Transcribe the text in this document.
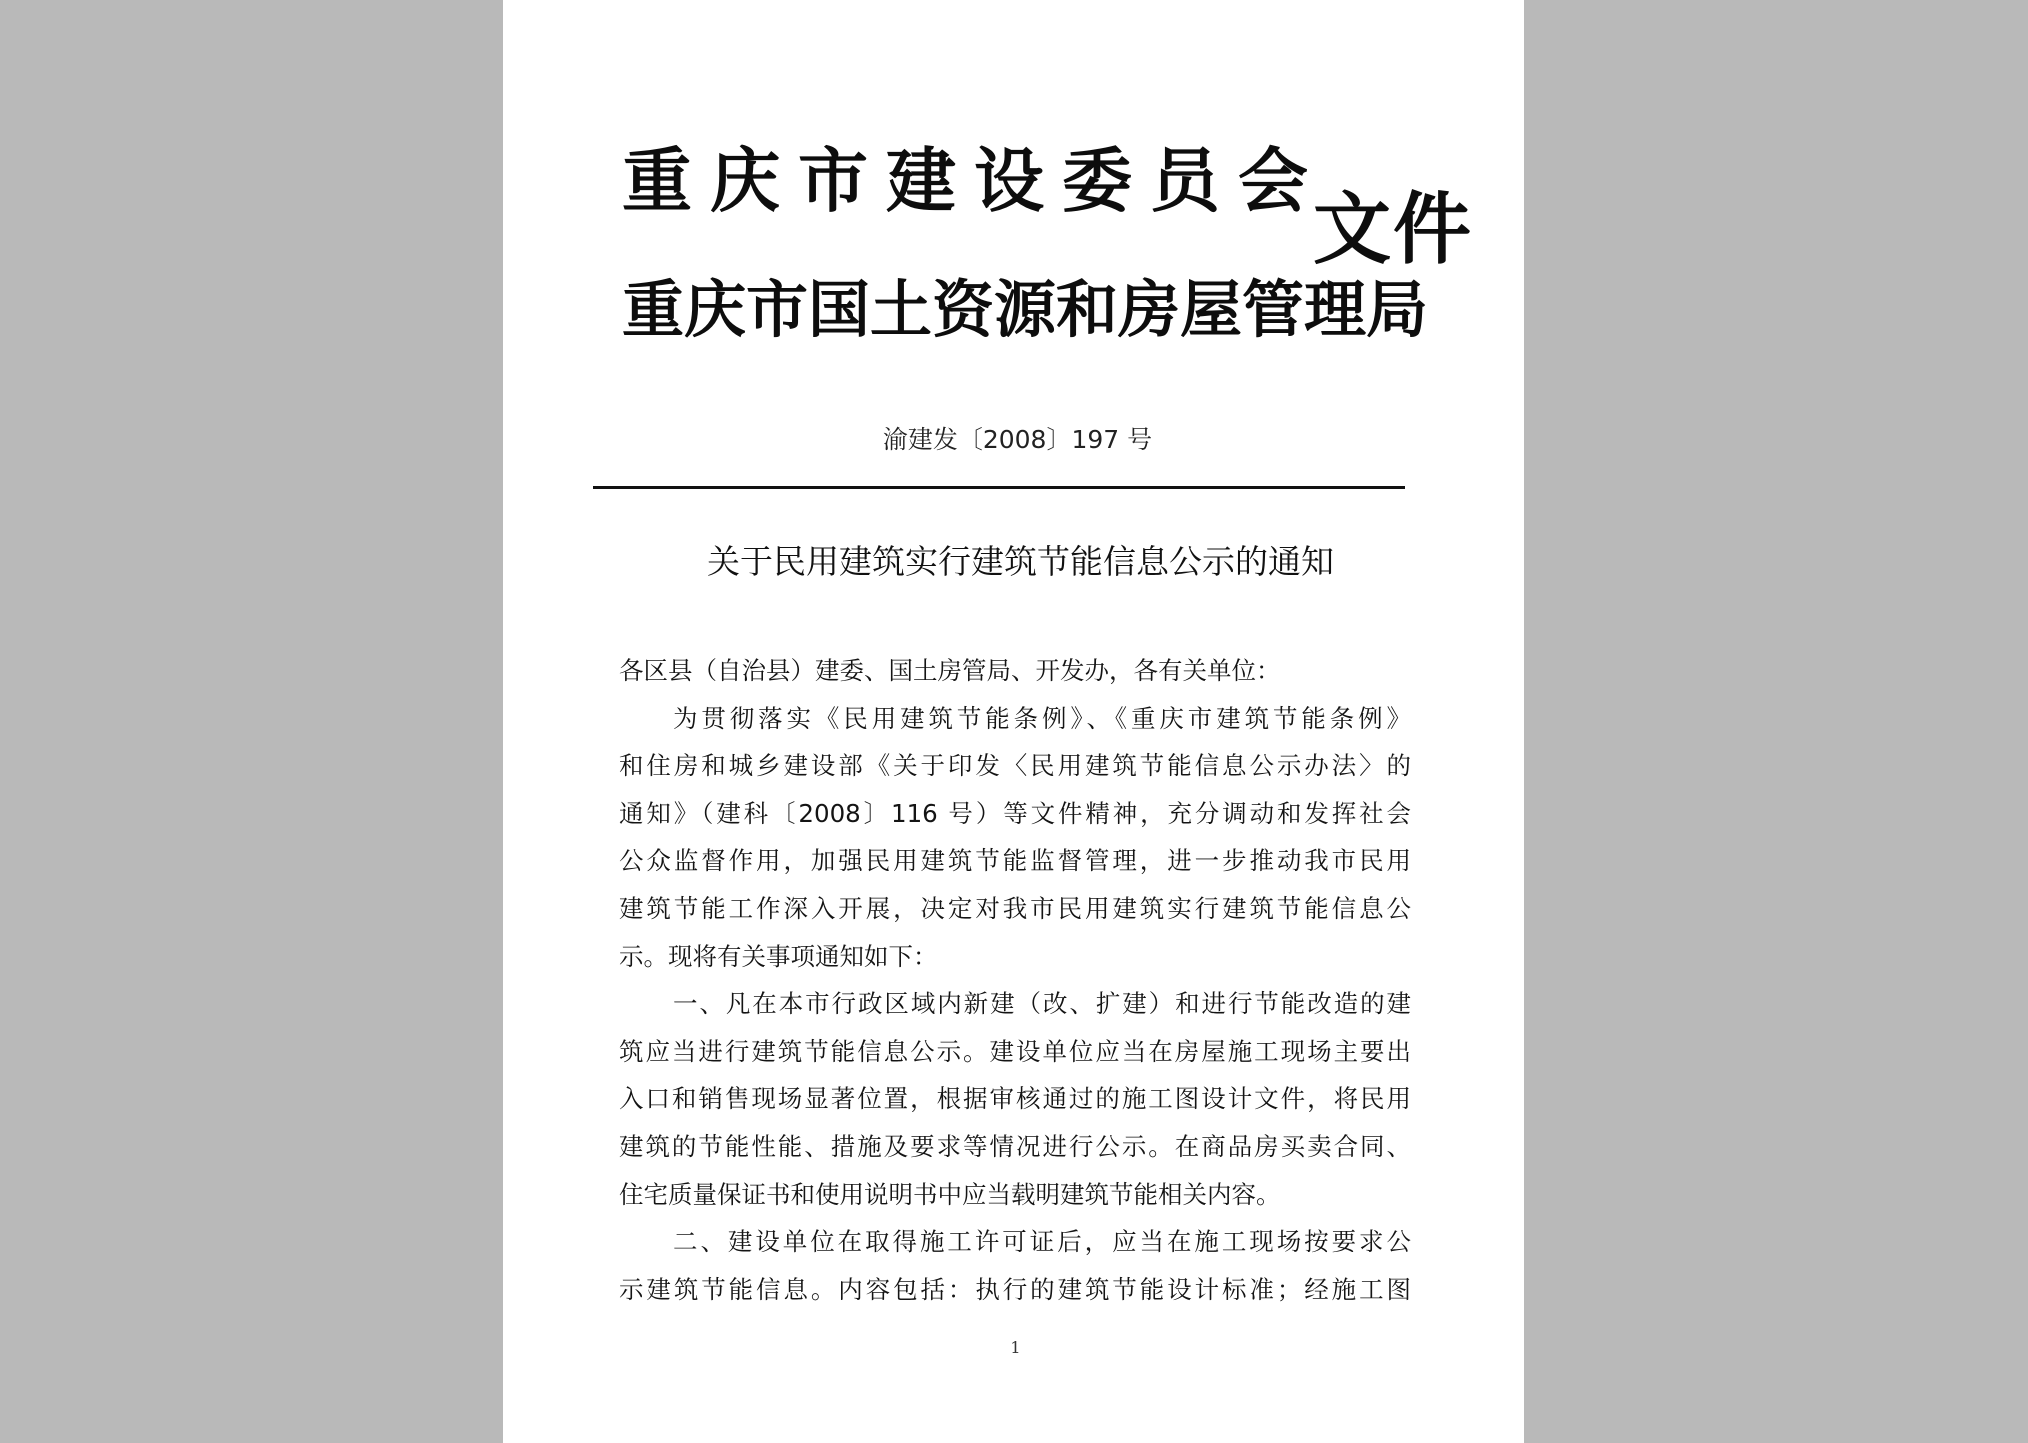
重庆市建设委员会
重庆市国土资源和房屋管理局
文件
渝建发〔2008〕197 号
关于民用建筑实行建筑节能信息公示的通知
各区县（自治县）建委、国土房管局、开发办，各有关单位：
为贯彻落实《民用建筑节能条例》、《重庆市建筑节能条例》
和住房和城乡建设部《关于印发〈民用建筑节能信息公示办法〉的
通知》（建科〔2008〕116 号）等文件精神，充分调动和发挥社会
公众监督作用，加强民用建筑节能监督管理，进一步推动我市民用
建筑节能工作深入开展，决定对我市民用建筑实行建筑节能信息公
示。现将有关事项通知如下：
一、凡在本市行政区域内新建（改、扩建）和进行节能改造的建
筑应当进行建筑节能信息公示。建设单位应当在房屋施工现场主要出
入口和销售现场显著位置，根据审核通过的施工图设计文件，将民用
建筑的节能性能、措施及要求等情况进行公示。在商品房买卖合同、
住宅质量保证书和使用说明书中应当载明建筑节能相关内容。
二、建设单位在取得施工许可证后，应当在施工现场按要求公
示建筑节能信息。内容包括：执行的建筑节能设计标准；经施工图
1
